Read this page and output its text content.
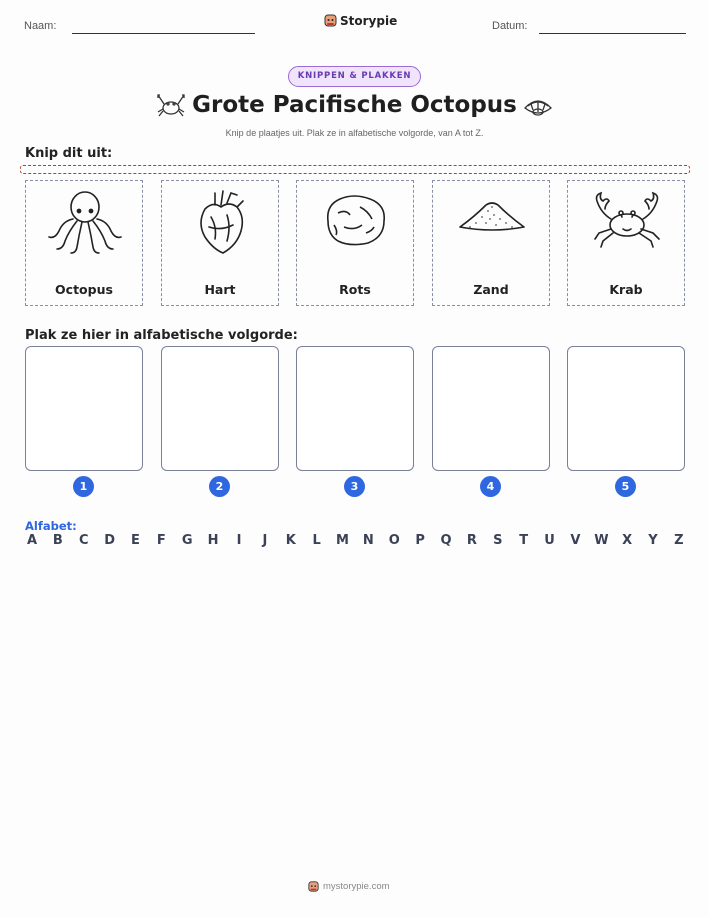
Naam:	Storypie	Datum:
KNIPPEN & PLAKKEN
Grote Pacifische Octopus
Knip de plaatjes uit. Plak ze in alfabetische volgorde, van A tot Z.
Knip dit uit:
Octopus	Hart	Rots	Zand	Krab
Plak ze hier in alfabetische volgorde:
1	2	3	4	5
Alfabet:
A B C D E F G H	I	J	K L M N O P Q R S T U V W X Y Z
mystorypie.com
